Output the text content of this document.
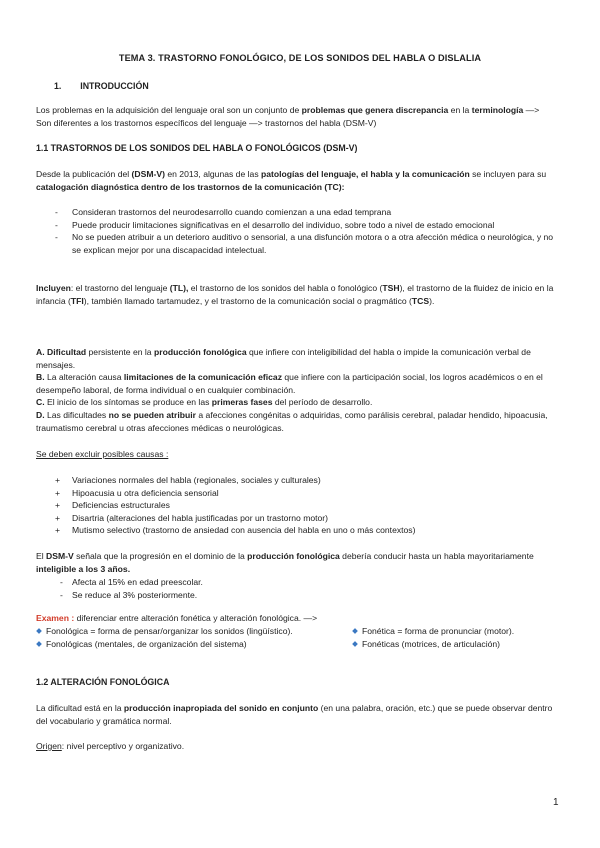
TEMA 3. TRASTORNO FONOLÓGICO, DE LOS SONIDOS DEL HABLA O DISLALIA
1. INTRODUCCIÓN
Los problemas en la adquisición del lenguaje oral son un conjunto de problemas que genera discrepancia en la terminología —> Son diferentes a los trastornos específicos del lenguaje —> trastornos del habla (DSM-V)
1.1 TRASTORNOS DE LOS SONIDOS DEL HABLA O FONOLÓGICOS (DSM-V)
Desde la publicación del (DSM-V) en 2013, algunas de las patologías del lenguaje, el habla y la comunicación se incluyen para su catalogación diagnóstica dentro de los trastornos de la comunicación (TC):
- Consideran trastornos del neurodesarrollo cuando comienzan a una edad temprana
- Puede producir limitaciones significativas en el desarrollo del individuo, sobre todo a nivel de estado emocional
- No se pueden atribuir a un deterioro auditivo o sensorial, a una disfunción motora o a otra afección médica o neurológica, y no se explican mejor por una discapacidad intelectual.
Incluyen: el trastorno del lenguaje (TL), el trastorno de los sonidos del habla o fonológico (TSH), el trastorno de la fluidez de inicio en la infancia (TFI), también llamado tartamudez, y el trastorno de la comunicación social o pragmático (TCS).
A. Dificultad persistente en la producción fonológica que infiere con inteligibilidad del habla o impide la comunicación verbal de mensajes.
B. La alteración causa limitaciones de la comunicación eficaz que infiere con la participación social, los logros académicos o en el desempeño laboral, de forma individual o en cualquier combinación.
C. El inicio de los síntomas se produce en las primeras fases del período de desarrollo.
D. Las dificultades no se pueden atribuir a afecciones congénitas o adquiridas, como parálisis cerebral, paladar hendido, hipoacusia, traumatismo cerebral u otras afecciones médicas o neurológicas.
Se deben excluir posibles causas :
+ Variaciones normales del habla (regionales, sociales y culturales)
+ Hipoacusia u otra deficiencia sensorial
+ Deficiencias estructurales
+ Disartria (alteraciones del habla justificadas por un trastorno motor)
+ Mutismo selectivo (trastorno de ansiedad con ausencia del habla en uno o más contextos)
El DSM-V señala que la progresión en el dominio de la producción fonológica debería conducir hasta un habla mayoritariamente inteligible a los 3 años.
- Afecta al 15% en edad preescolar.
- Se reduce al 3% posteriormente.
Examen : diferenciar entre alteración fonética y alteración fonológica. —>
Fonológica = forma de pensar/organizar los sonidos (lingüístico).	Fonética = forma de pronunciar (motor).
Fonológicas (mentales, de organización del sistema)	Fonéticas (motrices, de articulación)
1.2 ALTERACIÓN FONOLÓGICA
La dificultad está en la producción inapropiada del sonido en conjunto (en una palabra, oración, etc.) que se puede observar dentro del vocabulario y gramática normal.
Origen: nivel perceptivo y organizativo.
1
